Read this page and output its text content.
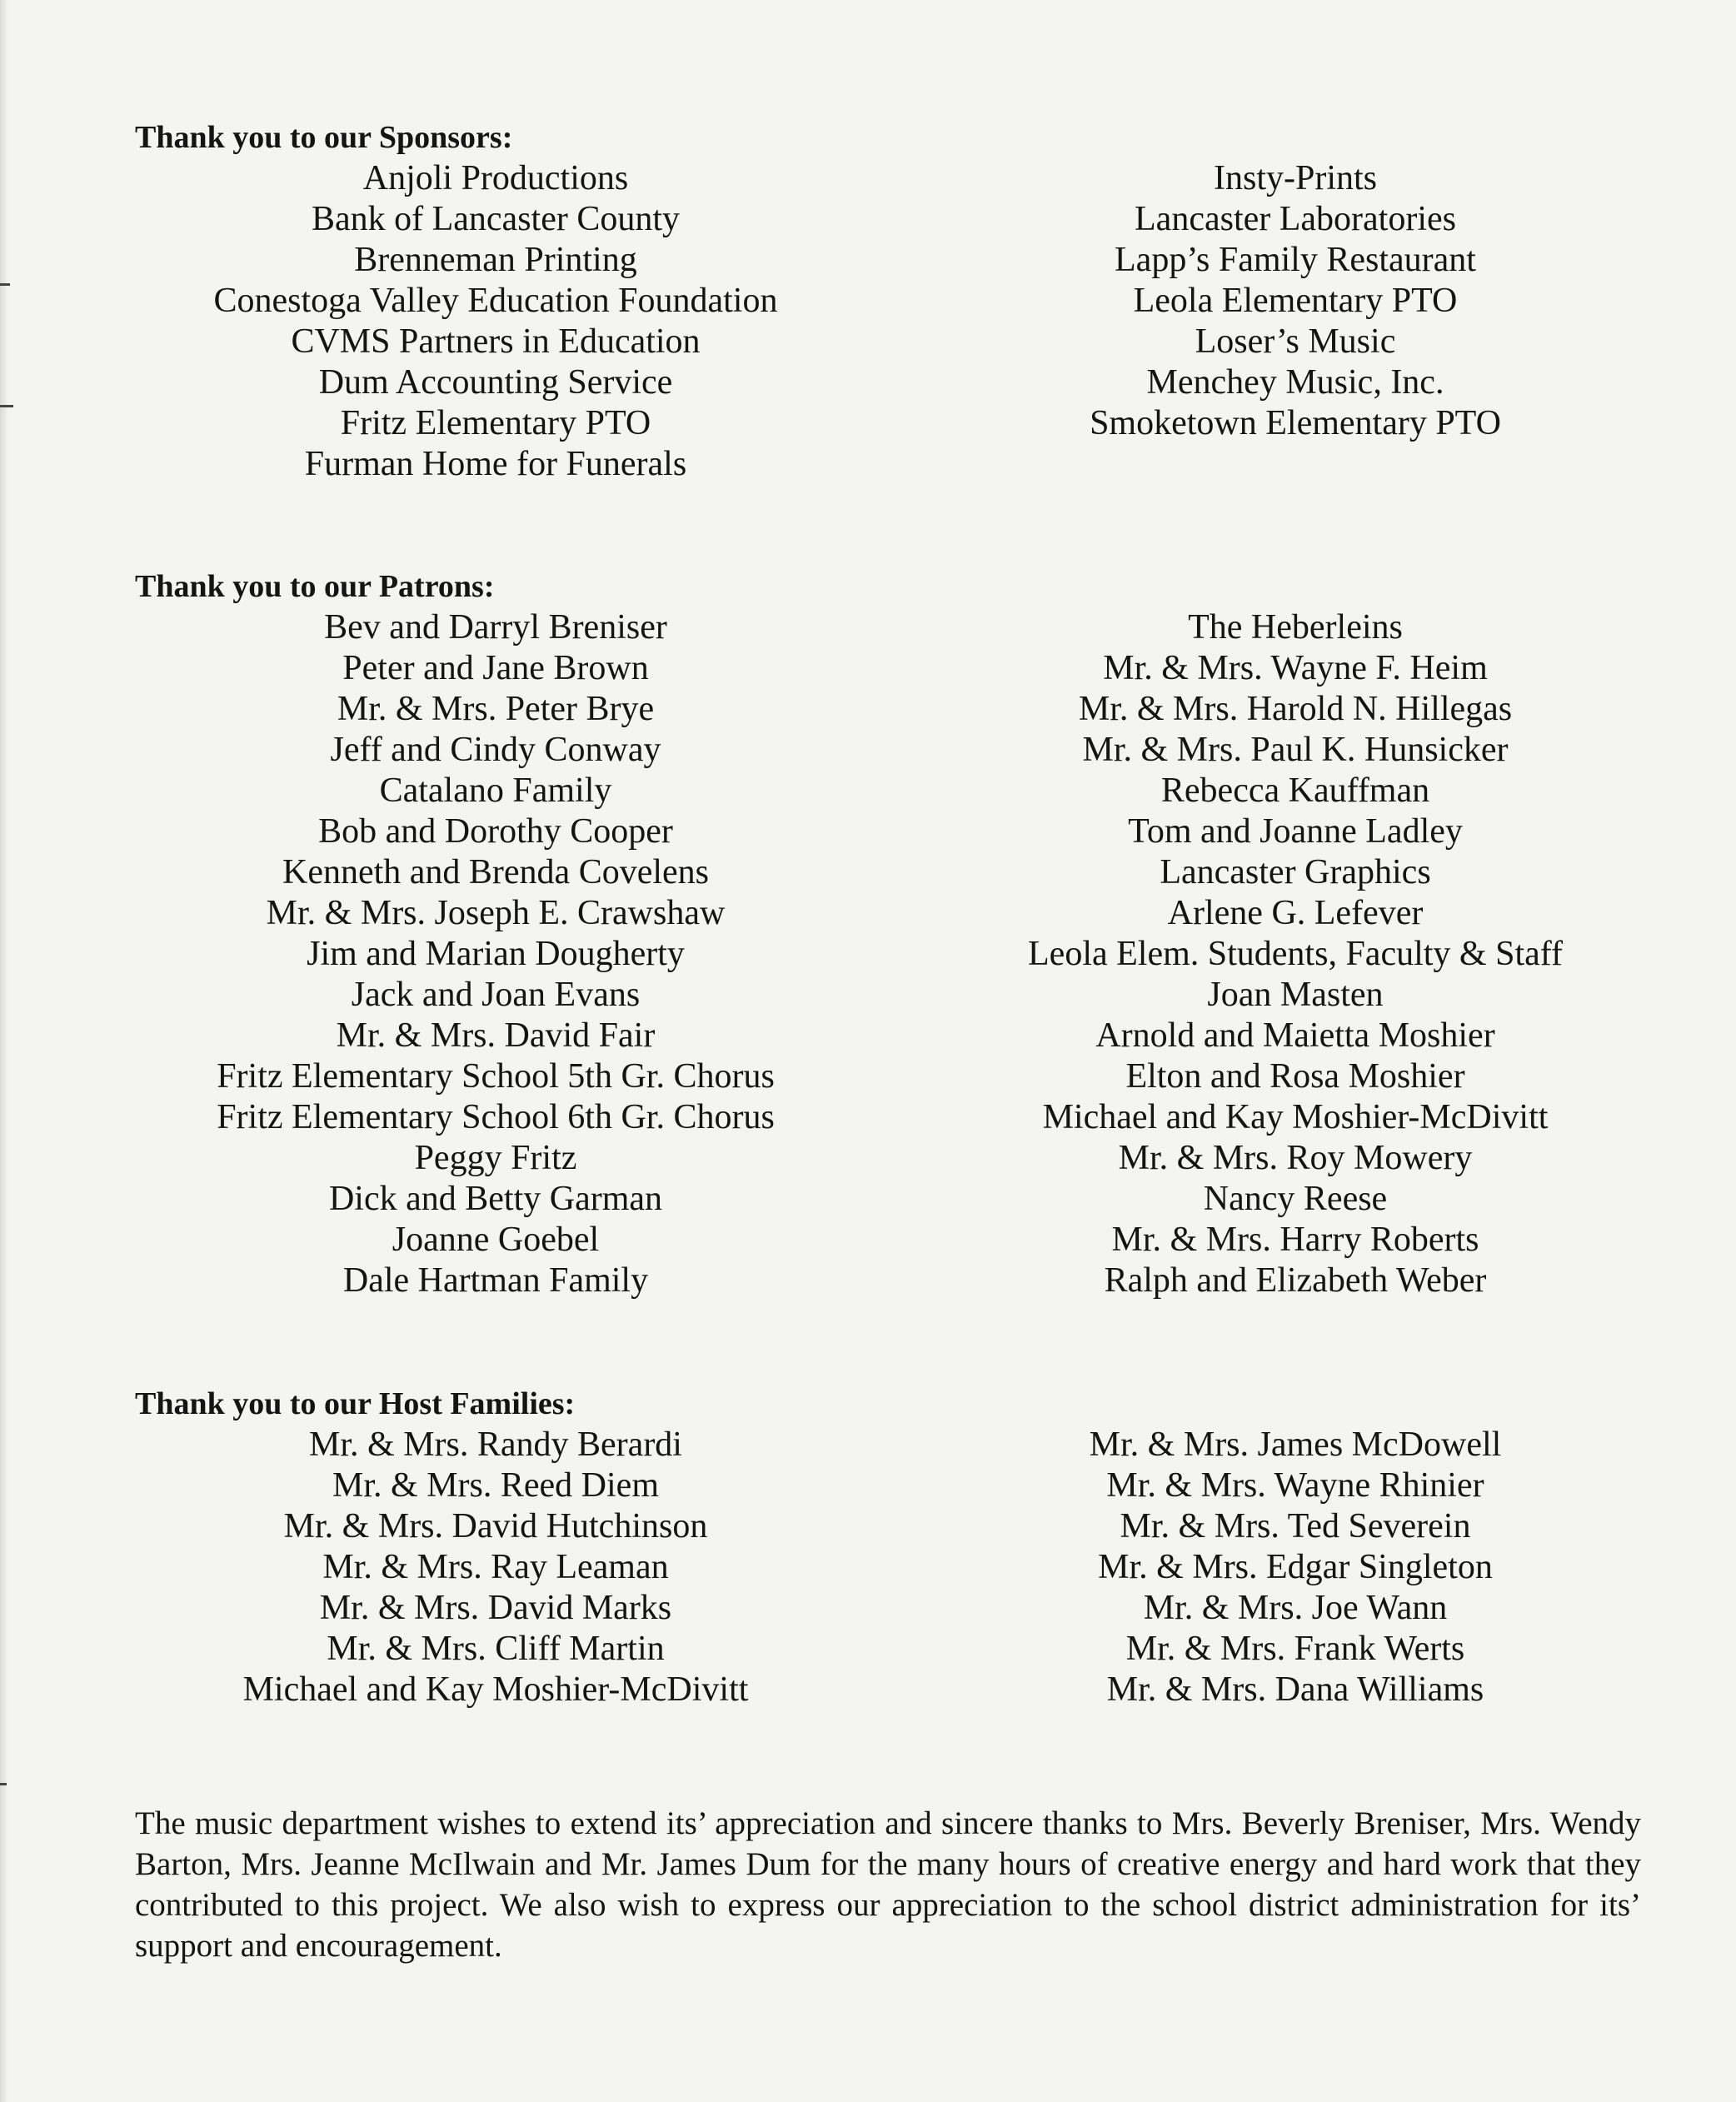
Thank you to our Sponsors:
Anjoli Productions
Bank of Lancaster County
Brenneman Printing
Conestoga Valley Education Foundation
CVMS Partners in Education
Dum Accounting Service
Fritz Elementary PTO
Furman Home for Funerals
Insty-Prints
Lancaster Laboratories
Lapp’s Family Restaurant
Leola Elementary PTO
Loser’s Music
Menchey Music, Inc.
Smoketown Elementary PTO
Thank you to our Patrons:
Bev and Darryl Breniser
Peter and Jane Brown
Mr. & Mrs. Peter Brye
Jeff and Cindy Conway
Catalano Family
Bob and Dorothy Cooper
Kenneth and Brenda Covelens
Mr. & Mrs. Joseph E. Crawshaw
Jim and Marian Dougherty
Jack and Joan Evans
Mr. & Mrs. David Fair
Fritz Elementary School 5th Gr. Chorus
Fritz Elementary School 6th Gr. Chorus
Peggy Fritz
Dick and Betty Garman
Joanne Goebel
Dale Hartman Family
The Heberleins
Mr. & Mrs. Wayne F. Heim
Mr. & Mrs. Harold N. Hillegas
Mr. & Mrs. Paul K. Hunsicker
Rebecca Kauffman
Tom and Joanne Ladley
Lancaster Graphics
Arlene G. Lefever
Leola Elem. Students, Faculty & Staff
Joan Masten
Arnold and Maietta Moshier
Elton and Rosa Moshier
Michael and Kay Moshier-McDivitt
Mr. & Mrs. Roy Mowery
Nancy Reese
Mr. & Mrs. Harry Roberts
Ralph and Elizabeth Weber
Thank you to our Host Families:
Mr. & Mrs. Randy Berardi
Mr. & Mrs. Reed Diem
Mr. & Mrs. David Hutchinson
Mr. & Mrs. Ray Leaman
Mr. & Mrs. David Marks
Mr. & Mrs. Cliff Martin
Michael and Kay Moshier-McDivitt
Mr. & Mrs. James McDowell
Mr. & Mrs. Wayne Rhinier
Mr. & Mrs. Ted Severein
Mr. & Mrs. Edgar Singleton
Mr. & Mrs. Joe Wann
Mr. & Mrs. Frank Werts
Mr. & Mrs. Dana Williams

The music department wishes to extend its’ appreciation and sincere thanks to Mrs. Beverly Breniser, Mrs. Wendy Barton, Mrs. Jeanne McIlwain and Mr. James Dum for the many hours of creative energy and hard work that they contributed to this project. We also wish to express our appreciation to the school district administration for its’ support and encouragement.
